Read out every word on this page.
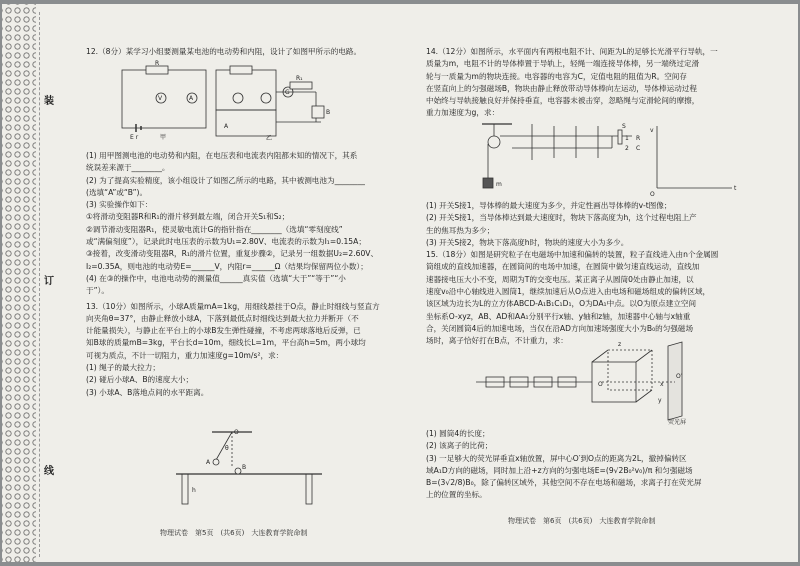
装
订
线

12.（8分）某学习小组要测量某电池的电动势和内阻，设计了如图甲所示的电路。

R
V	A
E r	甲
G
R₁
B
A
乙

(1) 用甲图测电池的电动势和内阻，在电压表和电流表内阻都未知的情况下，其系

统误差来源于________。

(2) 为了提高实验精度，该小组设计了如图乙所示的电路，其中被测电池为________

(选填“A”或“B”)。

(3) 实验操作如下：

①将滑动变阻器R和R₁的滑片移到最左端，闭合开关S₁和S₂；

②调节滑动变阻器R₁，使灵敏电流计G的指针指在________（选填“零刻度线”

或“满偏刻度”），记录此时电压表的示数为U₁=2.80V、电流表的示数为I₁=0.15A；

③接着，改变滑动变阻器R，R₁的滑片位置，重复步骤②，记录另一组数据U₂=2.60V、

I₂=0.35A，则电池的电动势E=______V，内阻r=______Ω（结果均保留两位小数）；

(4) 在③的操作中，电池电动势的测量值______真实值（选填“大于”“等于”“小

于”）。

13.（10分）如图所示，小球A质量mA=1kg，用细线悬挂于O点，静止时细线与竖直方

向夹角θ=37°，由静止释放小球A，下落到最低点时细线达到最大拉力并断开（不

计能量损失），与静止在平台上的小球B发生弹性碰撞，不考虑两球落地后反弹，已

知B球的质量mB=3kg，平台长d=10m，细线长L=1m，平台高h=5m，两小球均

可视为质点，不计一切阻力，重力加速度g=10m/s²，求：

(1) 绳子的最大拉力；

(2) 碰后小球A、B的速度大小；

(3) 小球A、B落地点间的水平距离。

O
θ
A
B
h
物理试卷　第5页　(共6页)　大连教育学院命制

14.（12分）如图所示，水平面内有两根电阻不计、间距为L的足够长光滑平行导轨，一

质量为m，电阻不计的导体棒置于导轨上，轻绳一端连接导体棒，另一端绕过定滑

轮与一质量为m的物块连接。电容器的电容为C，定值电阻的阻值为R。空间存

在竖直向上的匀强磁场B，物块由静止释放带动导体棒向左运动，导体棒运动过程

中始终与导轨接触良好并保持垂直，电容器未被击穿，忽略绳与定滑轮间的摩擦，

重力加速度为g，求：

m
S
1
2
R
C
v
t
O

(1) 开关S接1，导体棒的最大速度为多少，并定性画出导体棒的v-t图像；

(2) 开关S接1，当导体棒达到最大速度时，物块下落高度为h，这个过程电阻上产

生的焦耳热为多少；

(3) 开关S接2，物块下落高度h时，物块的速度大小为多少。

15.（18分）如图是研究粒子在电磁场中加速和偏转的装置，粒子直线进入由n个金属圆

筒组成的直线加速器，在圆筒间的电场中加速，在圆筒中做匀速直线运动，直线加

速器接电压大小不变，周期为T的交变电压。某正离子从圆筒0处由静止加速，以

速度v₀沿中心轴线进入圆筒1，继续加速后从O点进入由电场和磁场组成的偏转区域，

该区域为边长为L的立方体ABCD-A₁B₁C₁D₁，O为DA₁中点。以O为原点建立空间

坐标系O-xyz，AB、AD和AA₁分别平行x轴、y轴和z轴，加速器中心轴与x轴重

合，关闭圆筒4后的加速电场，当仅在沿AD方向加速场强度大小为B₀的匀强磁场

场时，离子恰好打在B点，不计重力，求：

O
O′
x
z
y
荧光屏

(1) 圆筒4的长度；

(2) 该离子的比荷；

(3) 一足够大的荧光屏垂直x轴放置，屏中心O′到O点的距离为2L，撤掉偏转区

域A₁D方向的磁场，同时加上沿+z方向的匀强电场E=(9√2B₀²v₀)/π 和匀强磁场

B=(3√2/8)B₀，除了偏转区域外，其他空间不存在电场和磁场，求离子打在荧光屏

上的位置的坐标。

物理试卷　第6页　(共6页)　大连教育学院命制
